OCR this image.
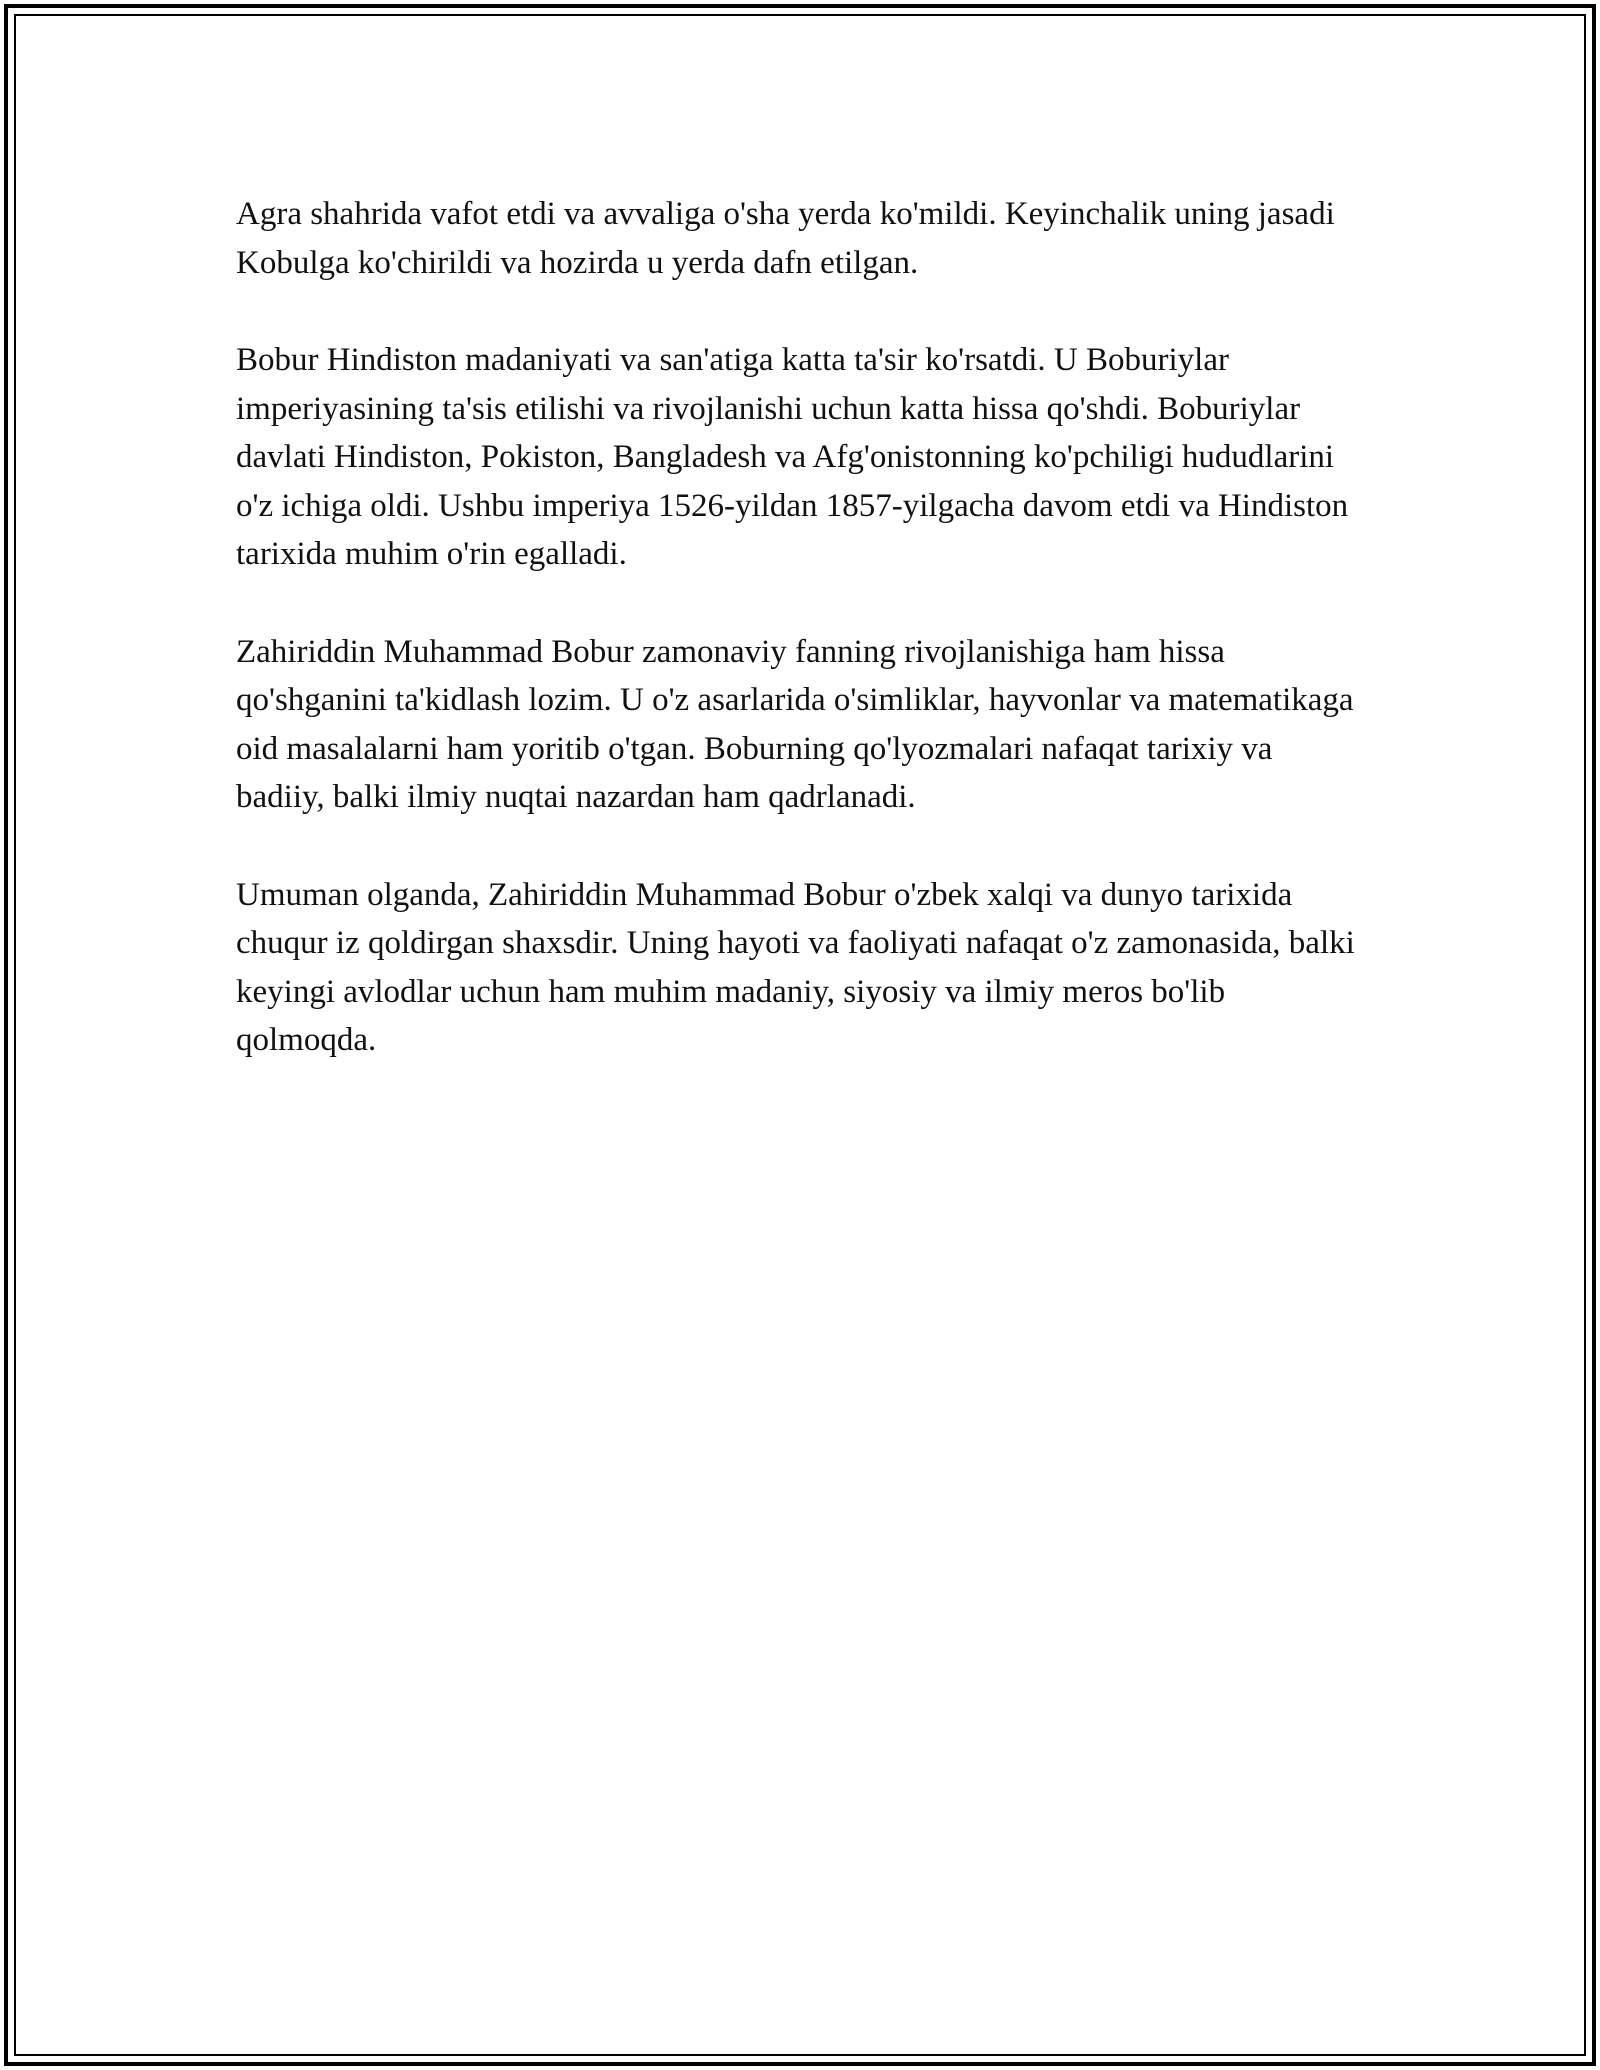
Agra shahrida vafot etdi va avvaliga o'sha yerda ko'mildi. Keyinchalik uning jasadi Kobulga ko'chirildi va hozirda u yerda dafn etilgan.

Bobur Hindiston madaniyati va san'atiga katta ta'sir ko'rsatdi. U Boburiylar imperiyasining ta'sis etilishi va rivojlanishi uchun katta hissa qo'shdi. Boburiylar davlati Hindiston, Pokiston, Bangladesh va Afg'onistonning ko'pchiligi hududlarini o'z ichiga oldi. Ushbu imperiya 1526-yildan 1857-yilgacha davom etdi va Hindiston tarixida muhim o'rin egalladi.

Zahiriddin Muhammad Bobur zamonaviy fanning rivojlanishiga ham hissa qo'shganini ta'kidlash lozim. U o'z asarlarida o'simliklar, hayvonlar va matematikaga oid masalalarni ham yoritib o'tgan. Boburning qo'lyozmalari nafaqat tarixiy va badiiy, balki ilmiy nuqtai nazardan ham qadrlanadi.

Umuman olganda, Zahiriddin Muhammad Bobur o'zbek xalqi va dunyo tarixida chuqur iz qoldirgan shaxsdir. Uning hayoti va faoliyati nafaqat o'z zamonasida, balki keyingi avlodlar uchun ham muhim madaniy, siyosiy va ilmiy meros bo'lib qolmoqda.
